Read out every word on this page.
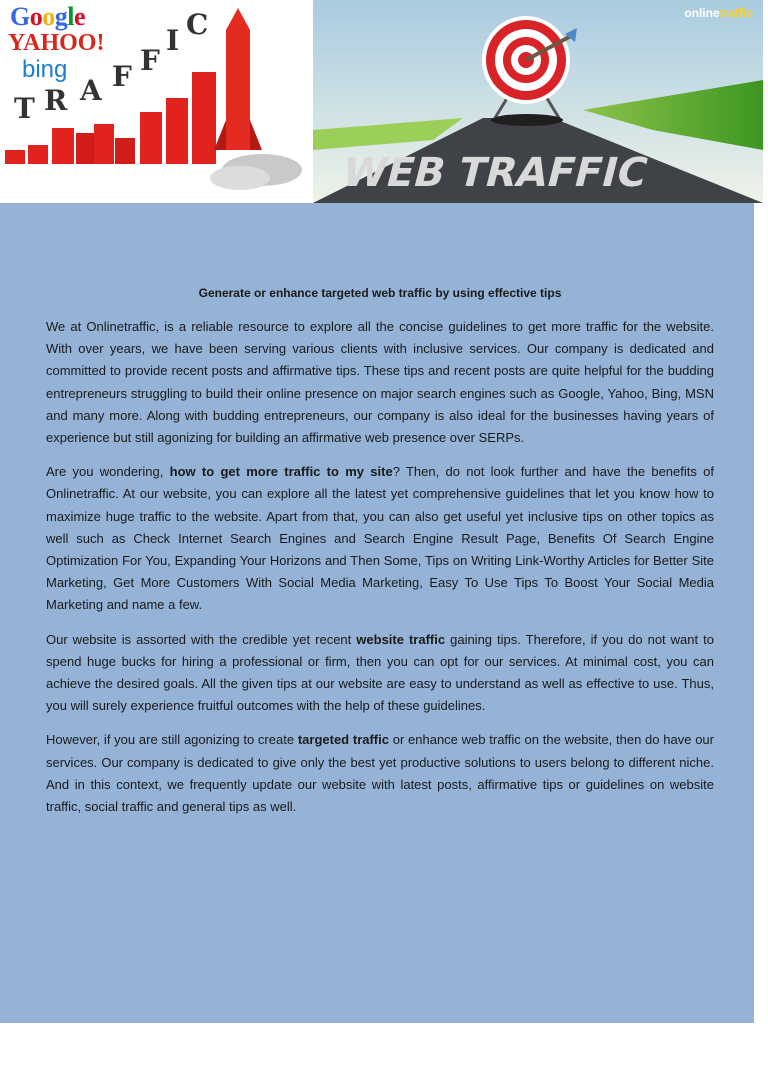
Google
YAHOO!
bing
T R A F F
I C
WEB TRAFFIC
onlinetraffic

Generate or enhance targeted web traffic by using effective tips

We at Onlinetraffic, is a reliable resource to explore all the concise guidelines to get more traffic for the website. With over years, we have been serving various clients with inclusive services. Our company is dedicated and committed to provide recent posts and affirmative tips. These tips and recent posts are quite helpful for the budding entrepreneurs struggling to build their online presence on major search engines such as Google, Yahoo, Bing, MSN and many more. Along with budding entrepreneurs, our company is also ideal for the businesses having years of experience but still agonizing for building an affirmative web presence over SERPs.

Are you wondering, how to get more traffic to my site? Then, do not look further and have the benefits of Onlinetraffic. At our website, you can explore all the latest yet comprehensive guidelines that let you know how to maximize huge traffic to the website. Apart from that, you can also get useful yet inclusive tips on other topics as well such as Check Internet Search Engines and Search Engine Result Page, Benefits Of Search Engine Optimization For You, Expanding Your Horizons and Then Some, Tips on Writing Link-Worthy Articles for Better Site Marketing, Get More Customers With Social Media Marketing, Easy To Use Tips To Boost Your Social Media Marketing and name a few.

Our website is assorted with the credible yet recent website traffic gaining tips. Therefore, if you do not want to spend huge bucks for hiring a professional or firm, then you can opt for our services. At minimal cost, you can achieve the desired goals. All the given tips at our website are easy to understand as well as effective to use. Thus, you will surely experience fruitful outcomes with the help of these guidelines.

However, if you are still agonizing to create targeted traffic or enhance web traffic on the website, then do have our services. Our company is dedicated to give only the best yet productive solutions to users belong to different niche. And in this context, we frequently update our website with latest posts, affirmative tips or guidelines on website traffic, social traffic and general tips as well.
